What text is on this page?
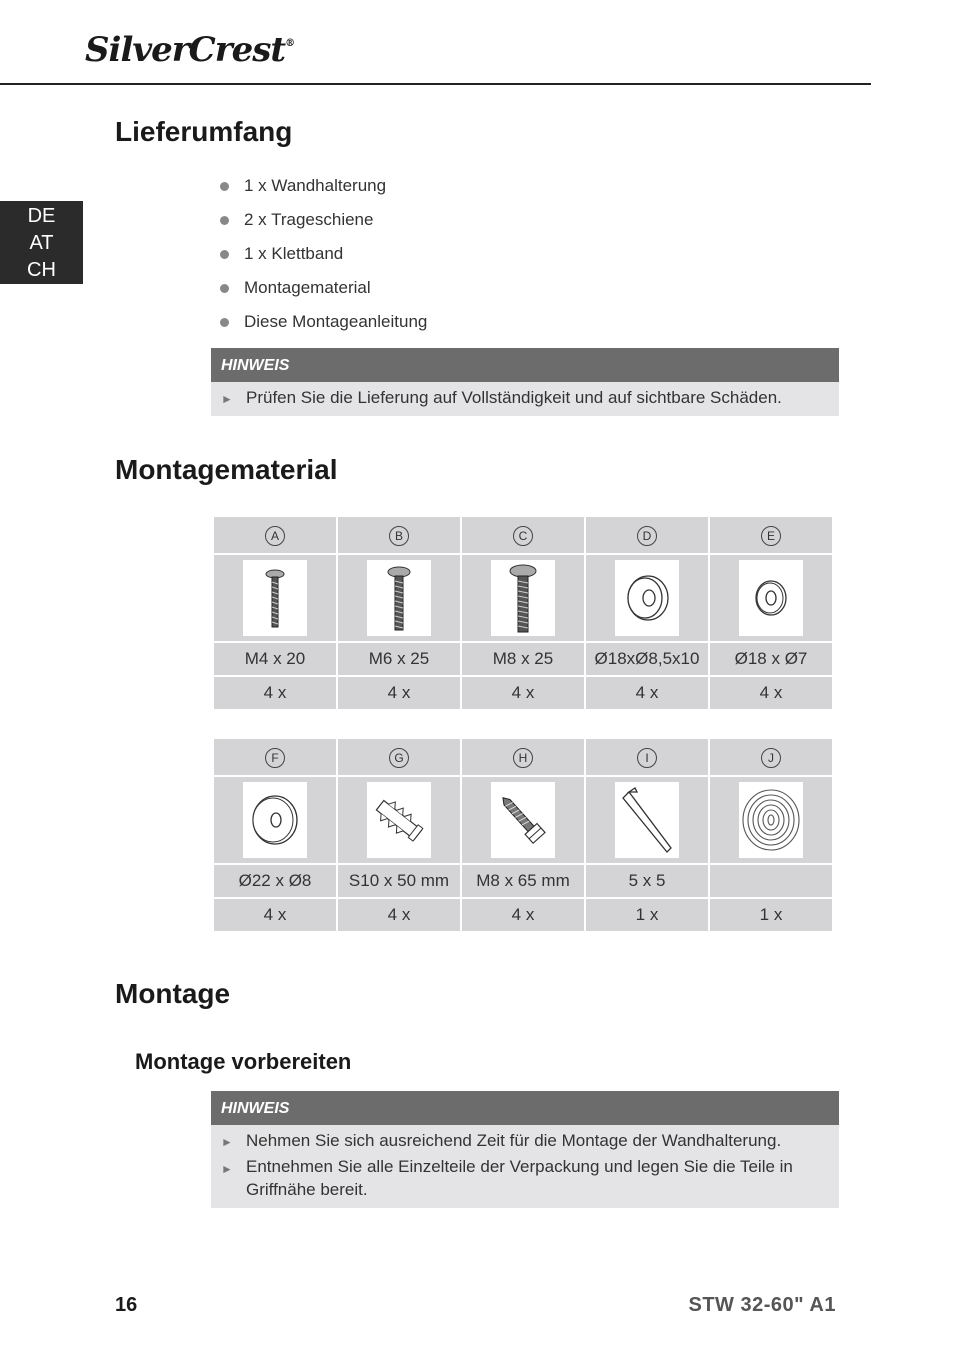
SilverCrest®
DE
AT
CH
Lieferumfang
1 x Wandhalterung
2 x Trageschiene
1 x Klettband
Montagematerial
Diese Montageanleitung
HINWEIS
► Prüfen Sie die Lieferung auf Vollständigkeit und auf sichtbare Schäden.
Montagematerial
A	B	C	D	E

M4 x 20	M6 x 25	M8 x 25	Ø18xØ8,5x10	Ø18 x Ø7
4 x	4 x	4 x	4 x	4 x
F	G	H	I	J

Ø22 x Ø8	S10 x 50 mm	M8 x 65 mm	5 x 5	
4 x	4 x	4 x	1 x	1 x
Montage
Montage vorbereiten
HINWEIS
► Nehmen Sie sich ausreichend Zeit für die Montage der Wandhalterung.
► Entnehmen Sie alle Einzelteile der Verpackung und legen Sie die Teile in Griffnähe bereit.
16	STW 32-60" A1
